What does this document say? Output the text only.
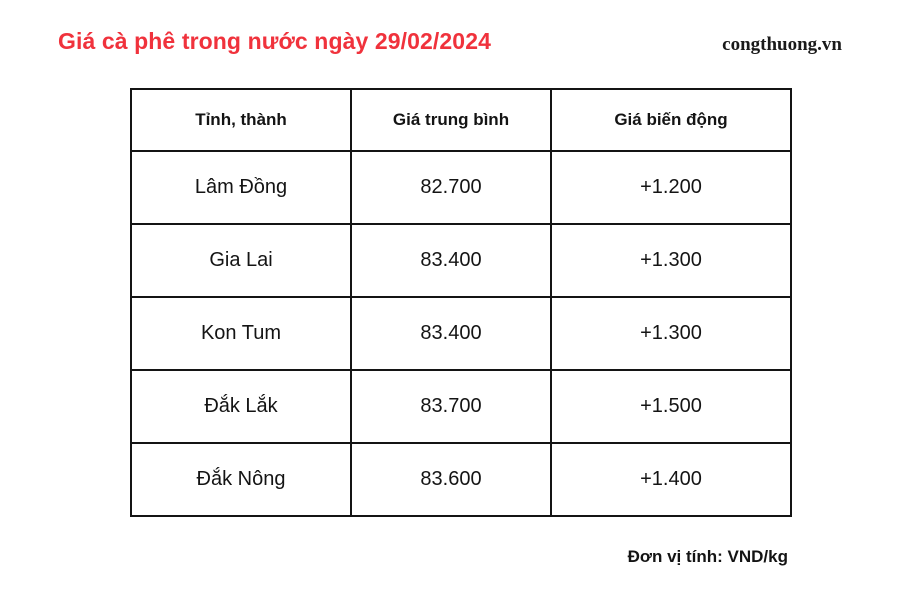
Giá cà phê trong nước ngày 29/02/2024	congthuong.vn
Tỉnh, thành	Giá trung bình	Giá biến động
Lâm Đồng	82.700	+1.200
Gia Lai	83.400	+1.300
Kon Tum	83.400	+1.300
Đắk Lắk	83.700	+1.500
Đắk Nông	83.600	+1.400
Đơn vị tính: VND/kg
